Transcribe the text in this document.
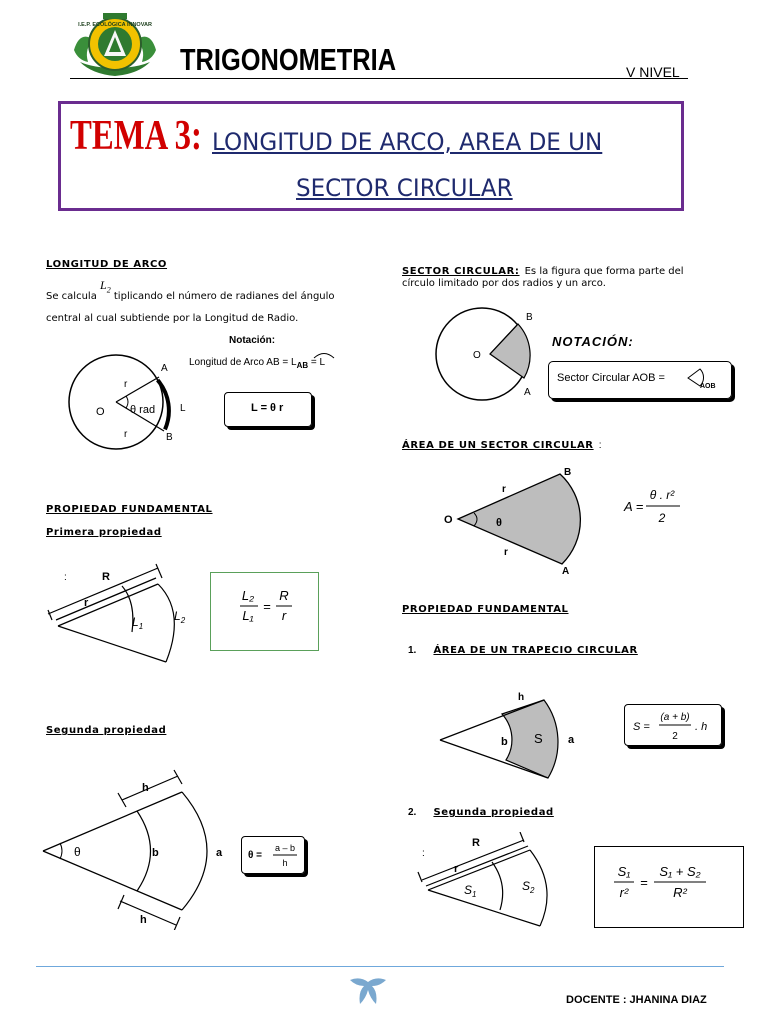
I.E.P. ECOLÓGICA INNOVAR
TRIGONOMETRIA	V NIVEL
TEMA 3: LONGITUD DE ARCO, AREA DE UN
SECTOR CIRCULAR
LONGITUD DE ARCO
Se calcula $L_2$ tiplicando el número de radianes del ángulo
central al cual subtiende por la Longitud de Radio.
Notación:
Longitud de Arco AB = $L_{AB} = L$
O
A
B
r
r
θ rad L	L = θ r
PROPIEDAD FUNDAMENTAL
Primera propiedad
:	R
r
$L_1$
$L_2$
L₂
L₁
=
R
r
Segunda propiedad
h
h
θ	b	a	θ =
a – b
h
SECTOR CIRCULAR: Es la figura que forma parte del
círculo limitado por dos radios y un arco.
O
B
A
NOTACIÓN:
Sector Circular AOB =
AOB
ÁREA DE UN SECTOR CIRCULAR :
O
B
A
r
r
θ
A =
θ . r²
2
PROPIEDAD FUNDAMENTAL
1. ÁREA DE UN TRAPECIO CIRCULAR
h
b S a
S =
(a + b)
2
. h
2. Segunda propiedad
:
R
r
$S_1$
$S_2$
S₁
r²
=
S₁ + S₂
R²
DOCENTE : JHANINA DIAZ
